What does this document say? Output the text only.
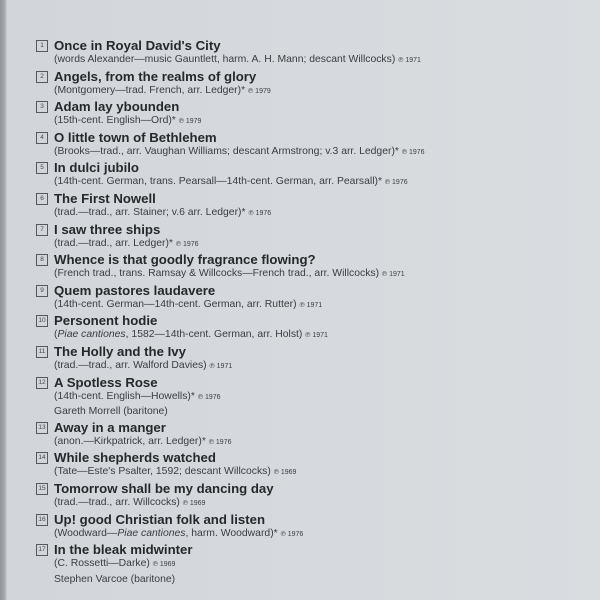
1 Once in Royal David's City
(words Alexander—music Gauntlett, harm. A. H. Mann; descant Willcocks) ℗ 1971
2 Angels, from the realms of glory
(Montgomery—trad. French, arr. Ledger)* ℗ 1979
3 Adam lay ybounden
(15th-cent. English—Ord)* ℗ 1979
4 O little town of Bethlehem
(Brooks—trad., arr. Vaughan Williams; descant Armstrong; v.3 arr. Ledger)* ℗ 1976
5 In dulci jubilo
(14th-cent. German, trans. Pearsall—14th-cent. German, arr. Pearsall)* ℗ 1976
6 The First Nowell
(trad.—trad., arr. Stainer; v.6 arr. Ledger)* ℗ 1976
7 I saw three ships
(trad.—trad., arr. Ledger)* ℗ 1976
8 Whence is that goodly fragrance flowing?
(French trad., trans. Ramsay & Willcocks—French trad., arr. Willcocks) ℗ 1971
9 Quem pastores laudavere
(14th-cent. German—14th-cent. German, arr. Rutter) ℗ 1971
10 Personent hodie
(Piae cantiones, 1582—14th-cent. German, arr. Holst) ℗ 1971
11 The Holly and the Ivy
(trad.—trad., arr. Walford Davies) ℗ 1971
12 A Spotless Rose
(14th-cent. English—Howells)* ℗ 1976
Gareth Morrell (baritone)
13 Away in a manger
(anon.—Kirkpatrick, arr. Ledger)* ℗ 1976
14 While shepherds watched
(Tate—Este's Psalter, 1592; descant Willcocks) ℗ 1969
15 Tomorrow shall be my dancing day
(trad.—trad., arr. Willcocks) ℗ 1969
16 Up! good Christian folk and listen
(Woodward—Piae cantiones, harm. Woodward)* ℗ 1976
17 In the bleak midwinter
(C. Rossetti—Darke) ℗ 1969
Stephen Varcoe (baritone)
